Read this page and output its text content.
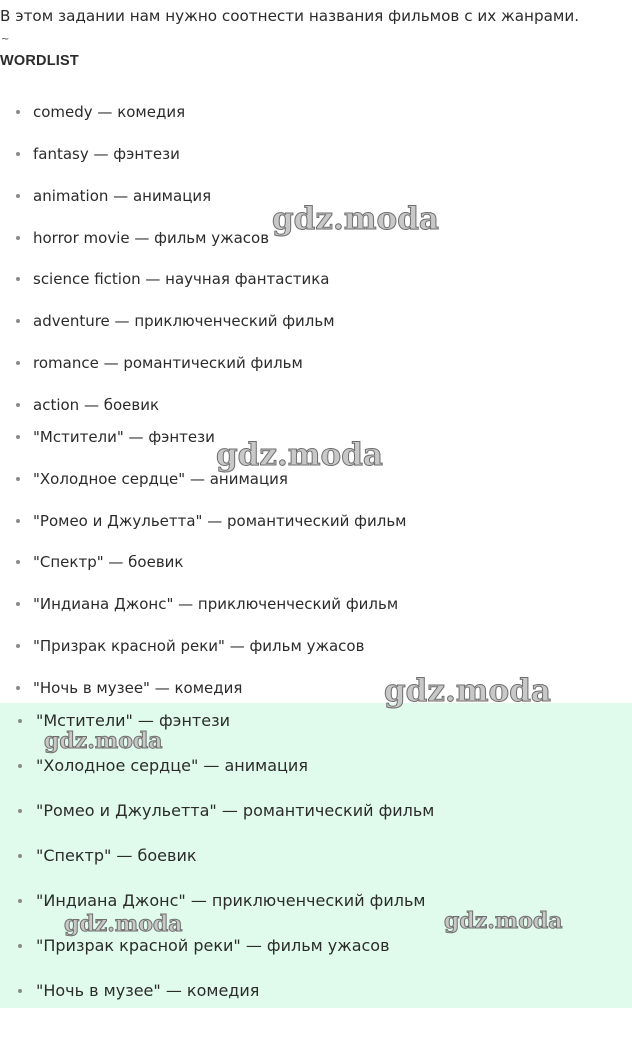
В этом задании нам нужно соотнести названия фильмов с их жанрами.
~
WORDLIST
comedy — комедия
fantasy — фэнтези
animation — анимация
horror movie — фильм ужасов
science fiction — научная фантастика
adventure — приключенческий фильм
romance — романтический фильм
action — боевик
"Мстители" — фэнтези
"Холодное сердце" — анимация
"Ромео и Джульетта" — романтический фильм
"Спектр" — боевик
"Индиана Джонс" — приключенческий фильм
"Призрак красной реки" — фильм ужасов
"Ночь в музее" — комедия
"Мстители" — фэнтези
"Холодное сердце" — анимация
"Ромео и Джульетта" — романтический фильм
"Спектр" — боевик
"Индиана Джонс" — приключенческий фильм
"Призрак красной реки" — фильм ужасов
"Ночь в музее" — комедия
gdz.moda
gdz.moda
gdz.moda
gdz.moda
gdz.moda	gdz.moda
